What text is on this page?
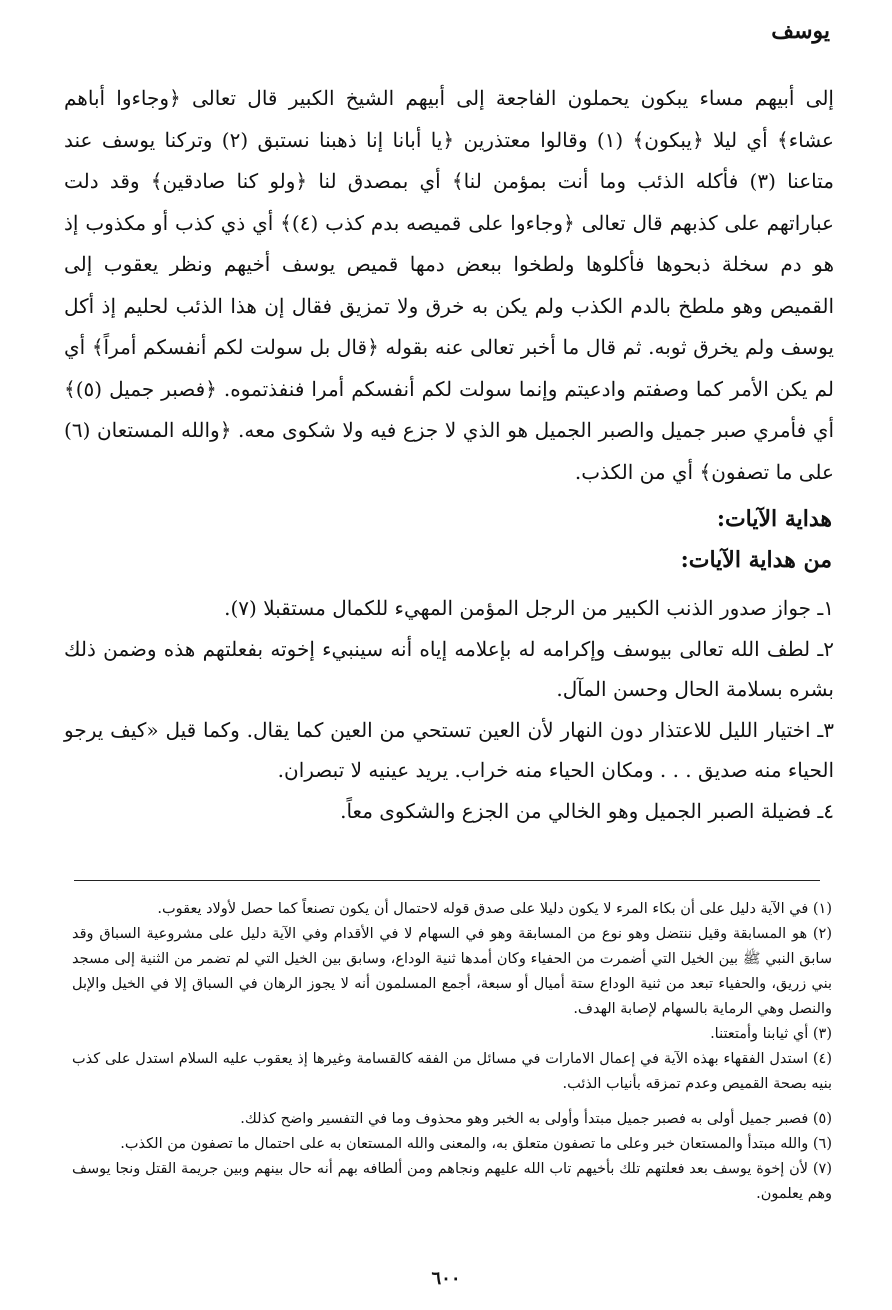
يوسف

إلى أبيهم مساء يبكون يحملون الفاجعة إلى أبيهم الشيخ الكبير قال تعالى ﴿وجاءوا أباهم عشاء﴾ أي ليلا ﴿يبكون﴾ (١) وقالوا معتذرين ﴿يا أبانا إنا ذهبنا نستبق (٢) وتركنا يوسف عند متاعنا (٣) فأكله الذئب وما أنت بمؤمن لنا﴾ أي بمصدق لنا ﴿ولو كنا صادقين﴾ وقد دلت عباراتهم على كذبهم قال تعالى ﴿وجاءوا على قميصه بدم كذب (٤)﴾ أي ذي كذب أو مكذوب إذ هو دم سخلة ذبحوها فأكلوها ولطخوا ببعض دمها قميص يوسف أخيهم ونظر يعقوب إلى القميص وهو ملطخ بالدم الكذب ولم يكن به خرق ولا تمزيق فقال إن هذا الذئب لحليم إذ أكل يوسف ولم يخرق ثوبه. ثم قال ما أخبر تعالى عنه بقوله ﴿قال بل سولت لكم أنفسكم أمراً﴾ أي لم يكن الأمر كما وصفتم وادعيتم وإنما سولت لكم أنفسكم أمرا فنفذتموه. ﴿فصبر جميل (٥)﴾ أي فأمري صبر جميل والصبر الجميل هو الذي لا جزع فيه ولا شكوى معه. ﴿والله المستعان (٦) على ما تصفون﴾ أي من الكذب.

هداية الآيات:
من هداية الآيات:

١ـ جواز صدور الذنب الكبير من الرجل المؤمن المهيء للكمال مستقبلا (٧).

٢ـ لطف الله تعالى بيوسف وإكرامه له بإعلامه إياه أنه سينبيء إخوته بفعلتهم هذه وضمن ذلك بشره بسلامة الحال وحسن المآل.

٣ـ اختيار الليل للاعتذار دون النهار لأن العين تستحي من العين كما يقال. وكما قيل «كيف يرجو الحياء منه صديق . . . ومكان الحياء منه خراب. يريد عينيه لا تبصران.

٤ـ فضيلة الصبر الجميل وهو الخالي من الجزع والشكوى معاً.

(١) في الآية دليل على أن بكاء المرء لا يكون دليلا على صدق قوله لاحتمال أن يكون تصنعاً كما حصل لأولاد يعقوب.

(٢) هو المسابقة وقيل ننتضل وهو نوع من المسابقة وهو في السهام لا في الأقدام وفي الآية دليل على مشروعية السباق وقد سابق النبي ﷺ بين الخيل التي أضمرت من الحفياء وكان أمدها ثنية الوداع، وسابق بين الخيل التي لم تضمر من الثنية إلى مسجد بني زريق، والحفياء تبعد من ثنية الوداع ستة أميال أو سبعة، أجمع المسلمون أنه لا يجوز الرهان في السباق إلا في الخيل والإبل والنصل وهي الرماية بالسهام لإصابة الهدف.

(٣) أي ثيابنا وأمتعتنا.

(٤) استدل الفقهاء بهذه الآية في إعمال الامارات في مسائل من الفقه كالقسامة وغيرها إذ يعقوب عليه السلام استدل على كذب بنيه بصحة القميص وعدم تمزقه بأنياب الذئب.

(٥) فصبر جميل أولى به فصبر جميل مبتدأ وأولى به الخبر وهو محذوف وما في التفسير واضح كذلك.

(٦) والله مبتدأ والمستعان خبر وعلى ما تصفون متعلق به، والمعنى والله المستعان به على احتمال ما تصفون من الكذب.

(٧) لأن إخوة يوسف بعد فعلتهم تلك بأخيهم تاب الله عليهم ونجاهم ومن ألطافه بهم أنه حال بينهم وبين جريمة القتل ونجا يوسف وهم يعلمون.

٦٠٠
